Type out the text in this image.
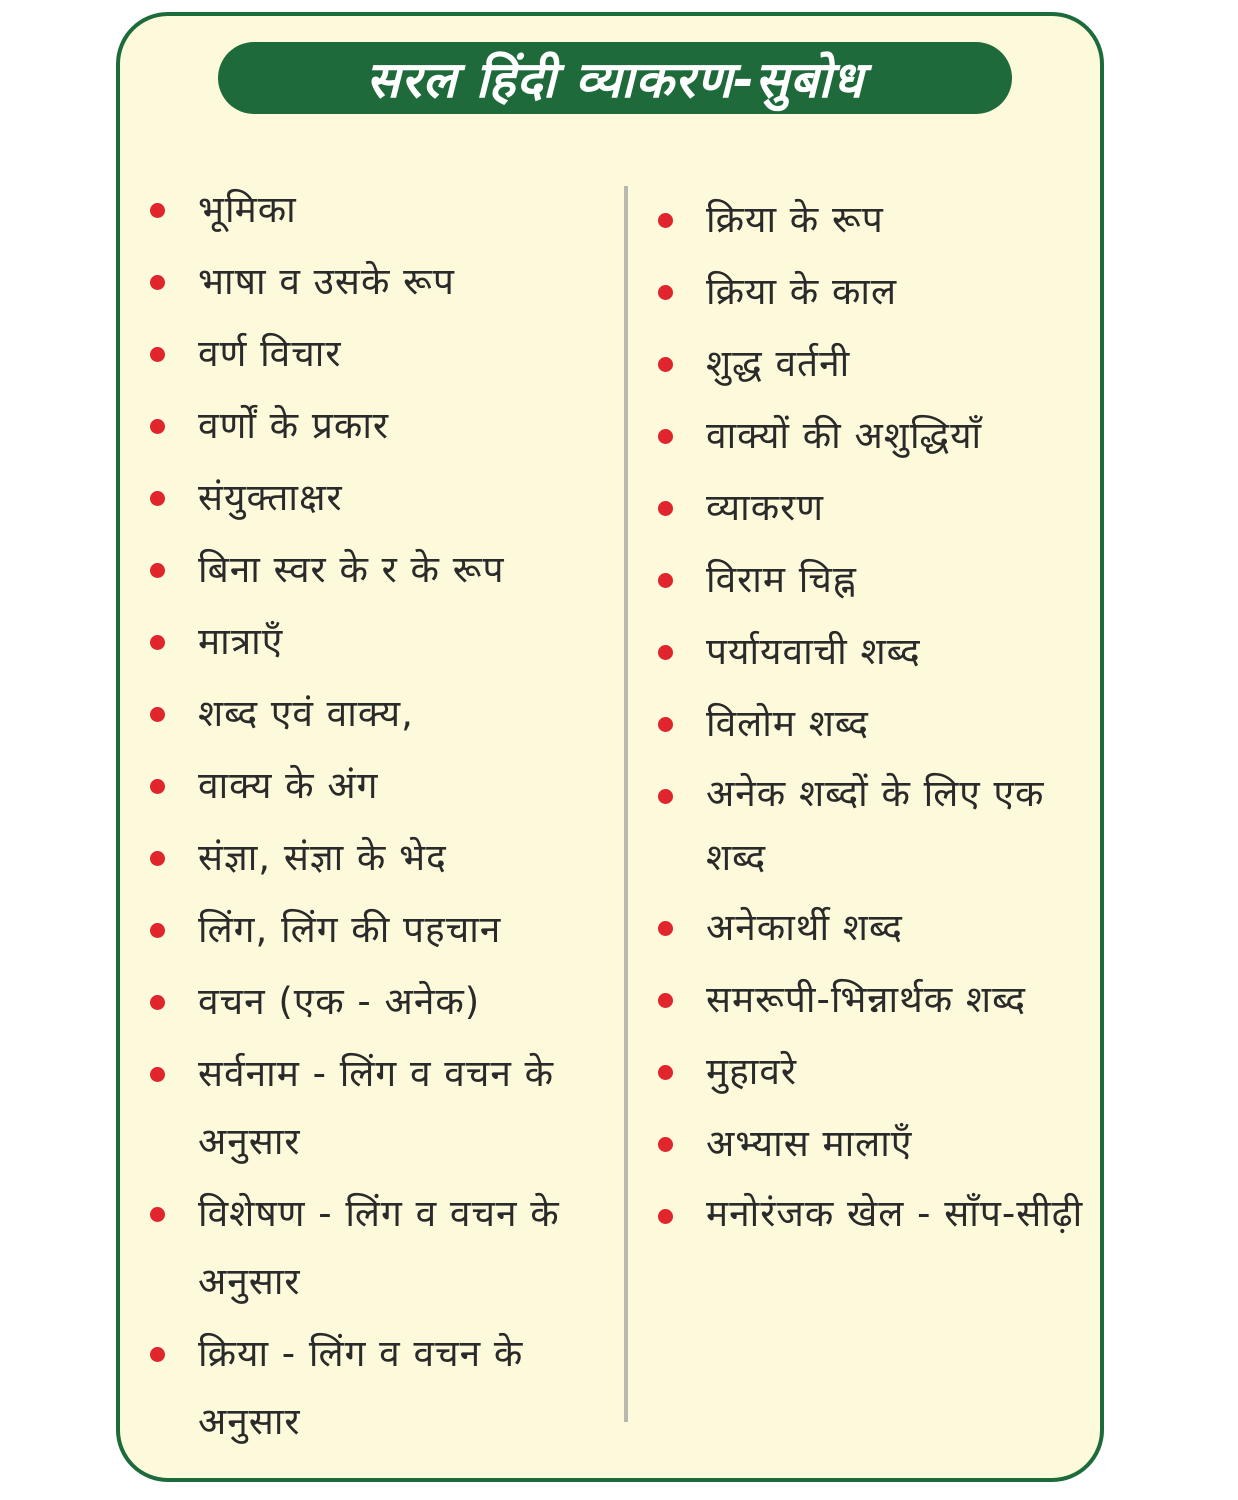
सरल हिंदी व्याकरण-सुबोध
भूमिका
भाषा व उसके रूप
वर्ण विचार
वर्णों के प्रकार
संयुक्ताक्षर
बिना स्वर के र के रूप
मात्राएँ
शब्द एवं वाक्य,
वाक्य के अंग
संज्ञा, संज्ञा के भेद
लिंग, लिंग की पहचान
वचन (एक - अनेक)
सर्वनाम - लिंग व वचन के अनुसार
विशेषण - लिंग व वचन के अनुसार
क्रिया - लिंग व वचन के अनुसार
क्रिया के रूप
क्रिया के काल
शुद्ध वर्तनी
वाक्यों की अशुद्धियाँ
व्याकरण
विराम चिह्न
पर्यायवाची शब्द
विलोम शब्द
अनेक शब्दों के लिए एक शब्द
अनेकार्थी शब्द
समरूपी-भिन्नार्थक शब्द
मुहावरे
अभ्यास मालाएँ
मनोरंजक खेल - साँप-सीढ़ी
